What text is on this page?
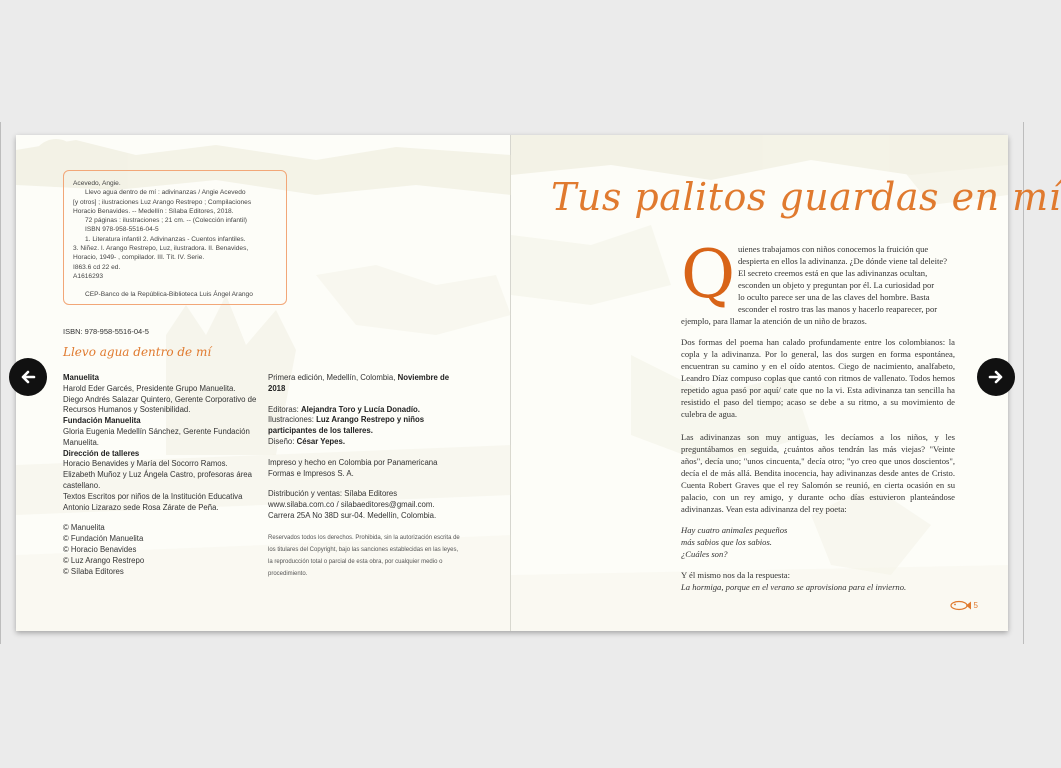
Acevedo, Angie.
Llevo agua dentro de mí : adivinanzas / Angie Acevedo
[y otros] ; ilustraciones Luz Arango Restrepo ; Compilaciones
Horacio Benavides. -- Medellín : Sílaba Editores, 2018.
72 páginas : ilustraciones ; 21 cm. -- (Colección infantil)
ISBN 978-958-5516-04-5
1. Literatura infantil 2. Adivinanzas - Cuentos infantiles.
3. Niñez. I. Arango Restrepo, Luz, ilustradora. II. Benavides,
Horacio, 1949- , compilador. III. Tít. IV. Serie.
I863.6 cd 22 ed.
A1616293
CEP-Banco de la República-Biblioteca Luis Ángel Arango
ISBN: 978-958-5516-04-5
Llevo agua dentro de mí
Manuelita
Harold Eder Garcés, Presidente Grupo Manuelita.
Diego Andrés Salazar Quintero, Gerente Corporativo de Recursos Humanos y Sostenibilidad.
Fundación Manuelita
Gloria Eugenia Medellín Sánchez, Gerente Fundación Manuelita.
Dirección de talleres
Horacio Benavides y María del Socorro Ramos.
Elizabeth Muñoz y Luz Ángela Castro, profesoras área castellano.
Textos Escritos por niños de la Institución Educativa Antonio Lizarazo sede Rosa Zárate de Peña.
© Manuelita
© Fundación Manuelita
© Horacio Benavides
© Luz Arango Restrepo
© Sílaba Editores
Primera edición, Medellín, Colombia, Noviembre de 2018
Editoras: Alejandra Toro y Lucía Donadío.
Ilustraciones: Luz Arango Restrepo y niños participantes de los talleres.
Diseño: César Yepes.
Impreso y hecho en Colombia por Panamericana Formas e Impresos S. A.
Distribución y ventas: Sílaba Editores
www.silaba.com.co / silabaeditores@gmail.com.
Carrera 25A No 38D sur-04. Medellín, Colombia.
Reservados todos los derechos. Prohibida, sin la autorización escrita de los titulares del Copyright, bajo las sanciones establecidas en las leyes, la reproducción total o parcial de esta obra, por cualquier medio o procedimiento.
Tus palitos guardas en mí
Q uienes trabajamos con niños conocemos la fruición que
despierta en ellos la adivinanza. ¿De dónde viene tal deleite?
El secreto creemos está en que las adivinanzas ocultan,
esconden un objeto y preguntan por él. La curiosidad por
lo oculto parece ser una de las claves del hombre. Basta
esconder el rostro tras las manos y hacerlo reaparecer, por
ejemplo, para llamar la atención de un niño de brazos.
Dos formas del poema han calado profundamente entre los colombianos: la copla y la adivinanza. Por lo general, las dos surgen en forma espontánea, encuentran su camino y en el oído atentos. Ciego de nacimiento, analfabeto, Leandro Díaz compuso coplas que cantó con ritmos de vallenato. Todos hemos repetido agua pasó por aquí/ cate que no la vi. Esta adivinanza tan sencilla ha resistido el paso del tiempo; acaso se debe a su ritmo, a su movimiento de culebra de agua.
Las adivinanzas son muy antiguas, les decíamos a los niños, y les preguntábamos en seguida, ¿cuántos años tendrán las más viejas? "Veinte años", decía uno; "unos cincuenta," decía otro; "yo creo que unos doscientos", decía el de más allá. Bendita inocencia, hay adivinanzas desde antes de Cristo. Cuenta Robert Graves que el rey Salomón se reunió, en cierta ocasión en su palacio, con un rey amigo, y durante ocho días estuvieron planteándose adivinanzas. Vean esta adivinanza del rey poeta:
Hay cuatro animales pequeños
más sabios que los sabios.
¿Cuáles son?
Y él mismo nos da la respuesta:
La hormiga, porque en el verano se aprovisiona para el invierno.
5
